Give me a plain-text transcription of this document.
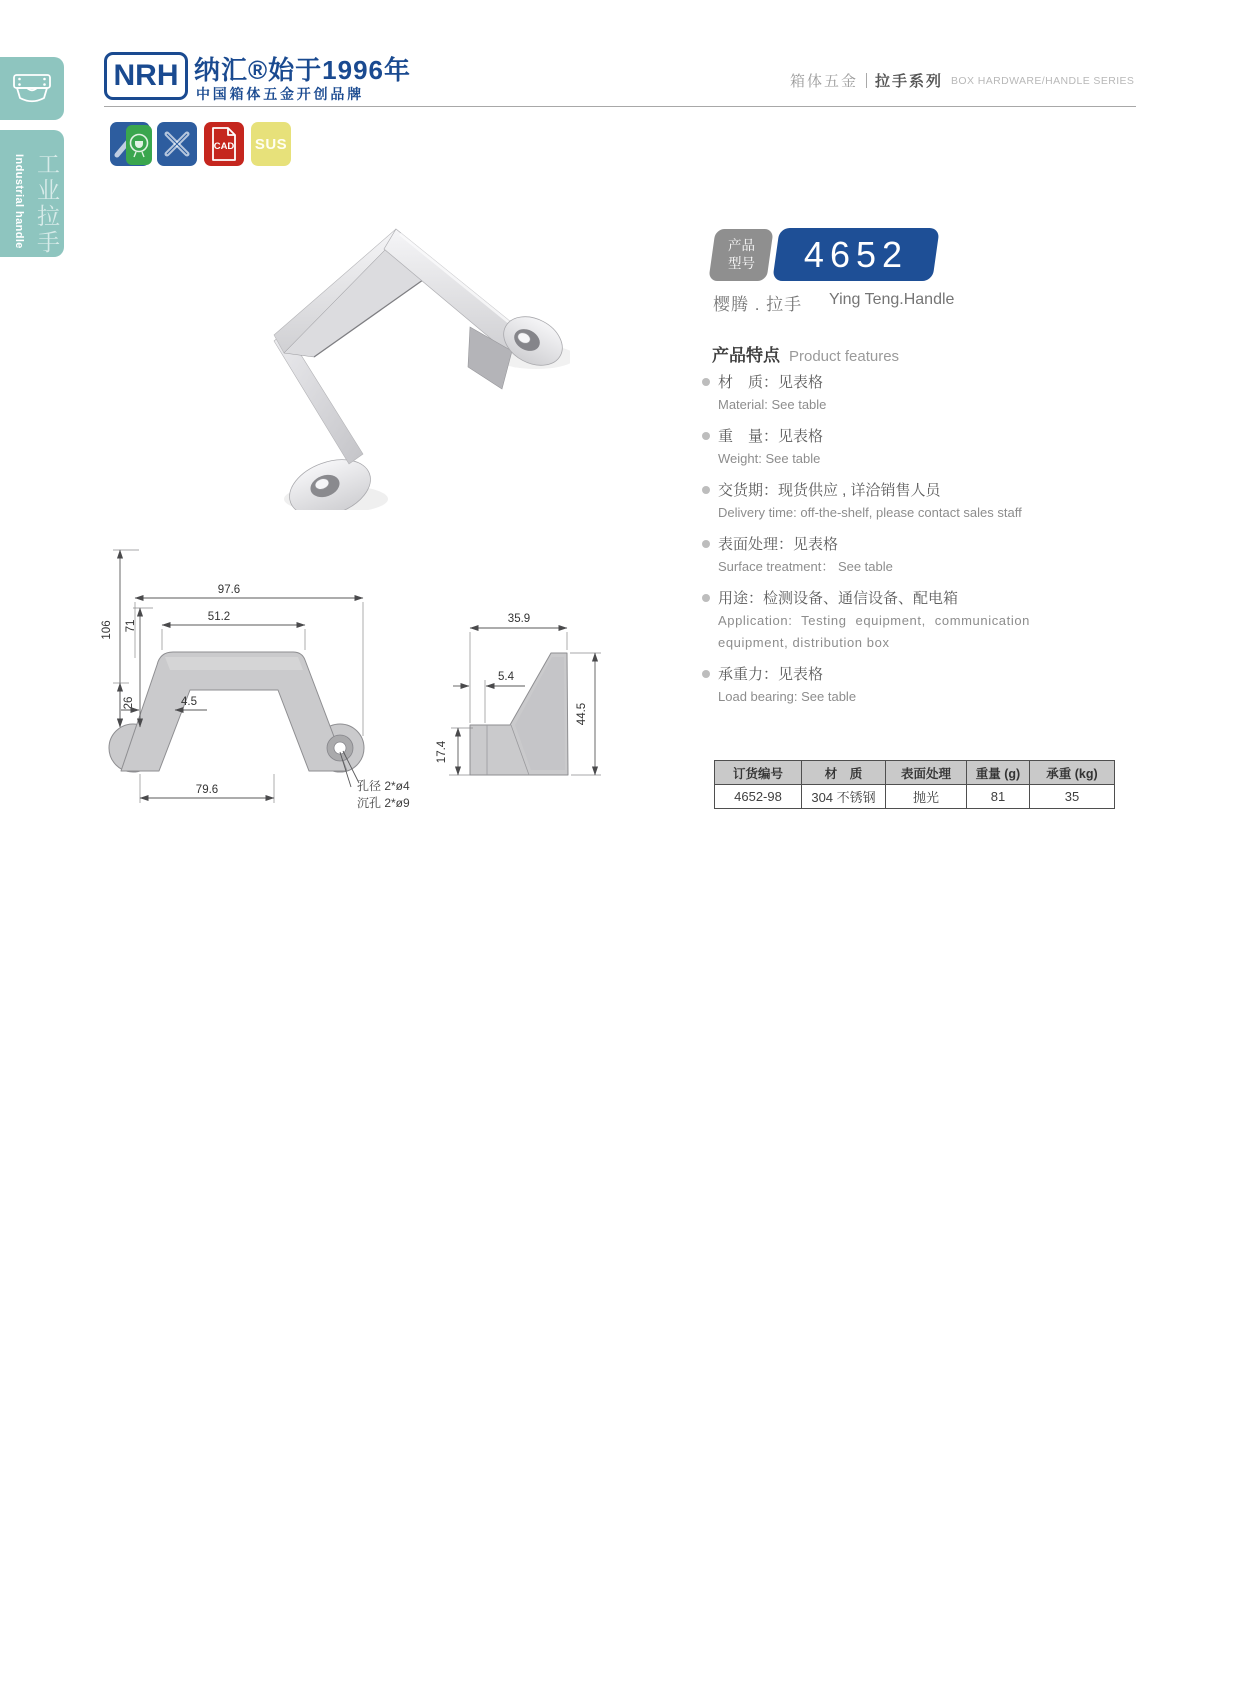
工业拉手
Industrial handle
NRH 纳汇®始于1996年
中国箱体五金开创品牌
箱体五金 拉手系列 BOX HARDWARE/HANDLE SERIES
CAD SUS
产品
型号 4652
樱腾 . 拉手 Ying Teng.Handle
产品特点 Product features
材　质：见表格
Material: See table
重　量：见表格
Weight: See table
交货期：现货供应 , 详洽销售人员
Delivery time: off-the-shelf, please contact sales staff
表面处理：见表格
Surface treatment： See table
用途：检测设备、通信设备、配电箱
Application: Testing equipment, communication equipment, distribution box
承重力：见表格
Load bearing: See table
订货编号	材　质	表面处理	重量 (g)	承重 (kg)
4652-98	304 不锈钢	抛光	81	35
106 71
26
97.6
51.2
4.5
79.6	孔径 2*ø4
沉孔 2*ø9
35.9
5.4
44.5
17.4
